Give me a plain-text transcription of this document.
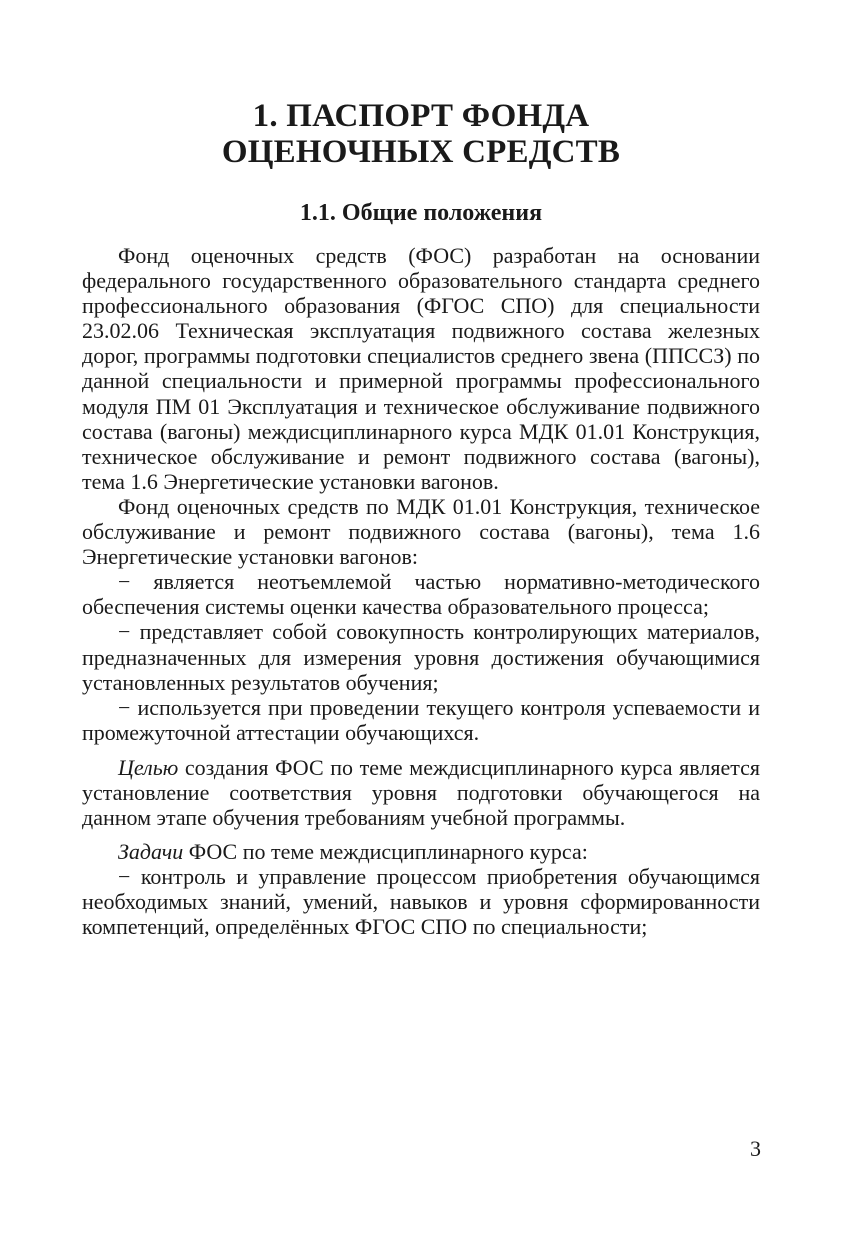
1. ПАСПОРТ ФОНДА
ОЦЕНОЧНЫХ СРЕДСТВ
1.1. Общие положения

Фонд оценочных средств (ФОС) разработан на основании федерального государственного образовательного стандарта среднего профессионального образования (ФГОС СПО) для специальности 23.02.06 Техническая эксплуатация подвижного состава железных дорог, программы подготовки специалистов среднего звена (ППССЗ) по данной специальности и примерной программы профессионального модуля ПМ 01 Эксплуатация и техническое обслуживание подвижного состава (вагоны) междисциплинарного курса МДК 01.01 Конструкция, техническое обслуживание и ремонт подвижного состава (вагоны), тема 1.6 Энергетические установки вагонов.

Фонд оценочных средств по МДК 01.01 Конструкция, техническое обслуживание и ремонт подвижного состава (вагоны), тема 1.6 Энергетические установки вагонов:

− является неотъемлемой частью нормативно-методического обеспечения системы оценки качества образовательного процесса;

− представляет собой совокупность контролирующих материалов, предназначенных для измерения уровня достижения обучающимися установленных результатов обучения;

− используется при проведении текущего контроля успеваемости и промежуточной аттестации обучающихся.

Целью создания ФОС по теме междисциплинарного курса является установление соответствия уровня подготовки обучающегося на данном этапе обучения требованиям учебной программы.

Задачи ФОС по теме междисциплинарного курса:

− контроль и управление процессом приобретения обучающимся необходимых знаний, умений, навыков и уровня сформированности компетенций, определённых ФГОС СПО по специальности;

3
